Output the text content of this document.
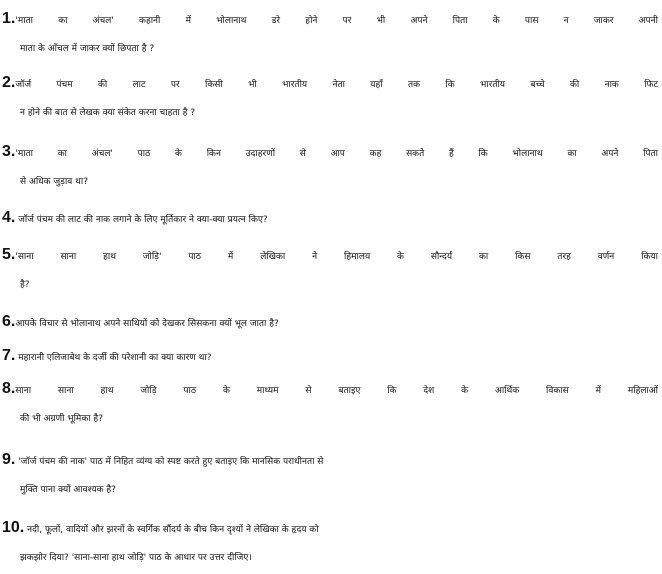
1.'माता का अंचल' कहानी में भोलानाथ डरे होने पर भी अपने पिता के पास न जाकर अपनी
माता के आँचल में जाकर क्यों छिपता है ?
2.जॉर्ज पंचम की लाट पर किसी भी भारतीय नेता यहाँ तक कि भारतीय बच्चे की नाक फिट
न होने की बात से लेखक क्या संकेत करना चाहता है ?
3.'माता का अंचल' पाठ के किन उदाहरणों से आप कह सकते हैं कि भोलानाथ का अपने पिता
से अधिक जुड़ाव था?
4. जॉर्ज पंचम की लाट की नाक लगाने के लिए मूर्तिकार ने क्या-क्या प्रयत्न किए?
5.'साना साना हाथ जोड़ि' पाठ में लेखिका ने हिमालय के सौन्दर्य का किस तरह वर्णन किया
है?
6.आपके विचार से भोलानाथ अपने साथियों को देखकर सिसकना क्यों भूल जाता है?
7. महारानी एलिजाबेथ के दर्जी की परेशानी का क्या कारण था?
8.साना साना हाथ जोड़ि पाठ के माध्यम से बताइए कि देश के आर्थिक विकास में महिलाओं
की भी अग्रणी भूमिका है?
9. 'जॉर्ज पंचम की नाक' पाठ में निहित व्यंग्य को स्पष्ट करते हुए बताइए कि मानसिक पराधीनता से
मुक्ति पाना क्यों आवश्यक है?
10. नदी, फूलों, वादियों और झरनों के स्वर्गिक सौंदर्य के बीच किन दृश्यों ने लेखिका के हृदय को
झकझोर दिया? 'साना-साना हाथ जोड़ि' पाठ के आधार पर उत्तर दीजिए।
